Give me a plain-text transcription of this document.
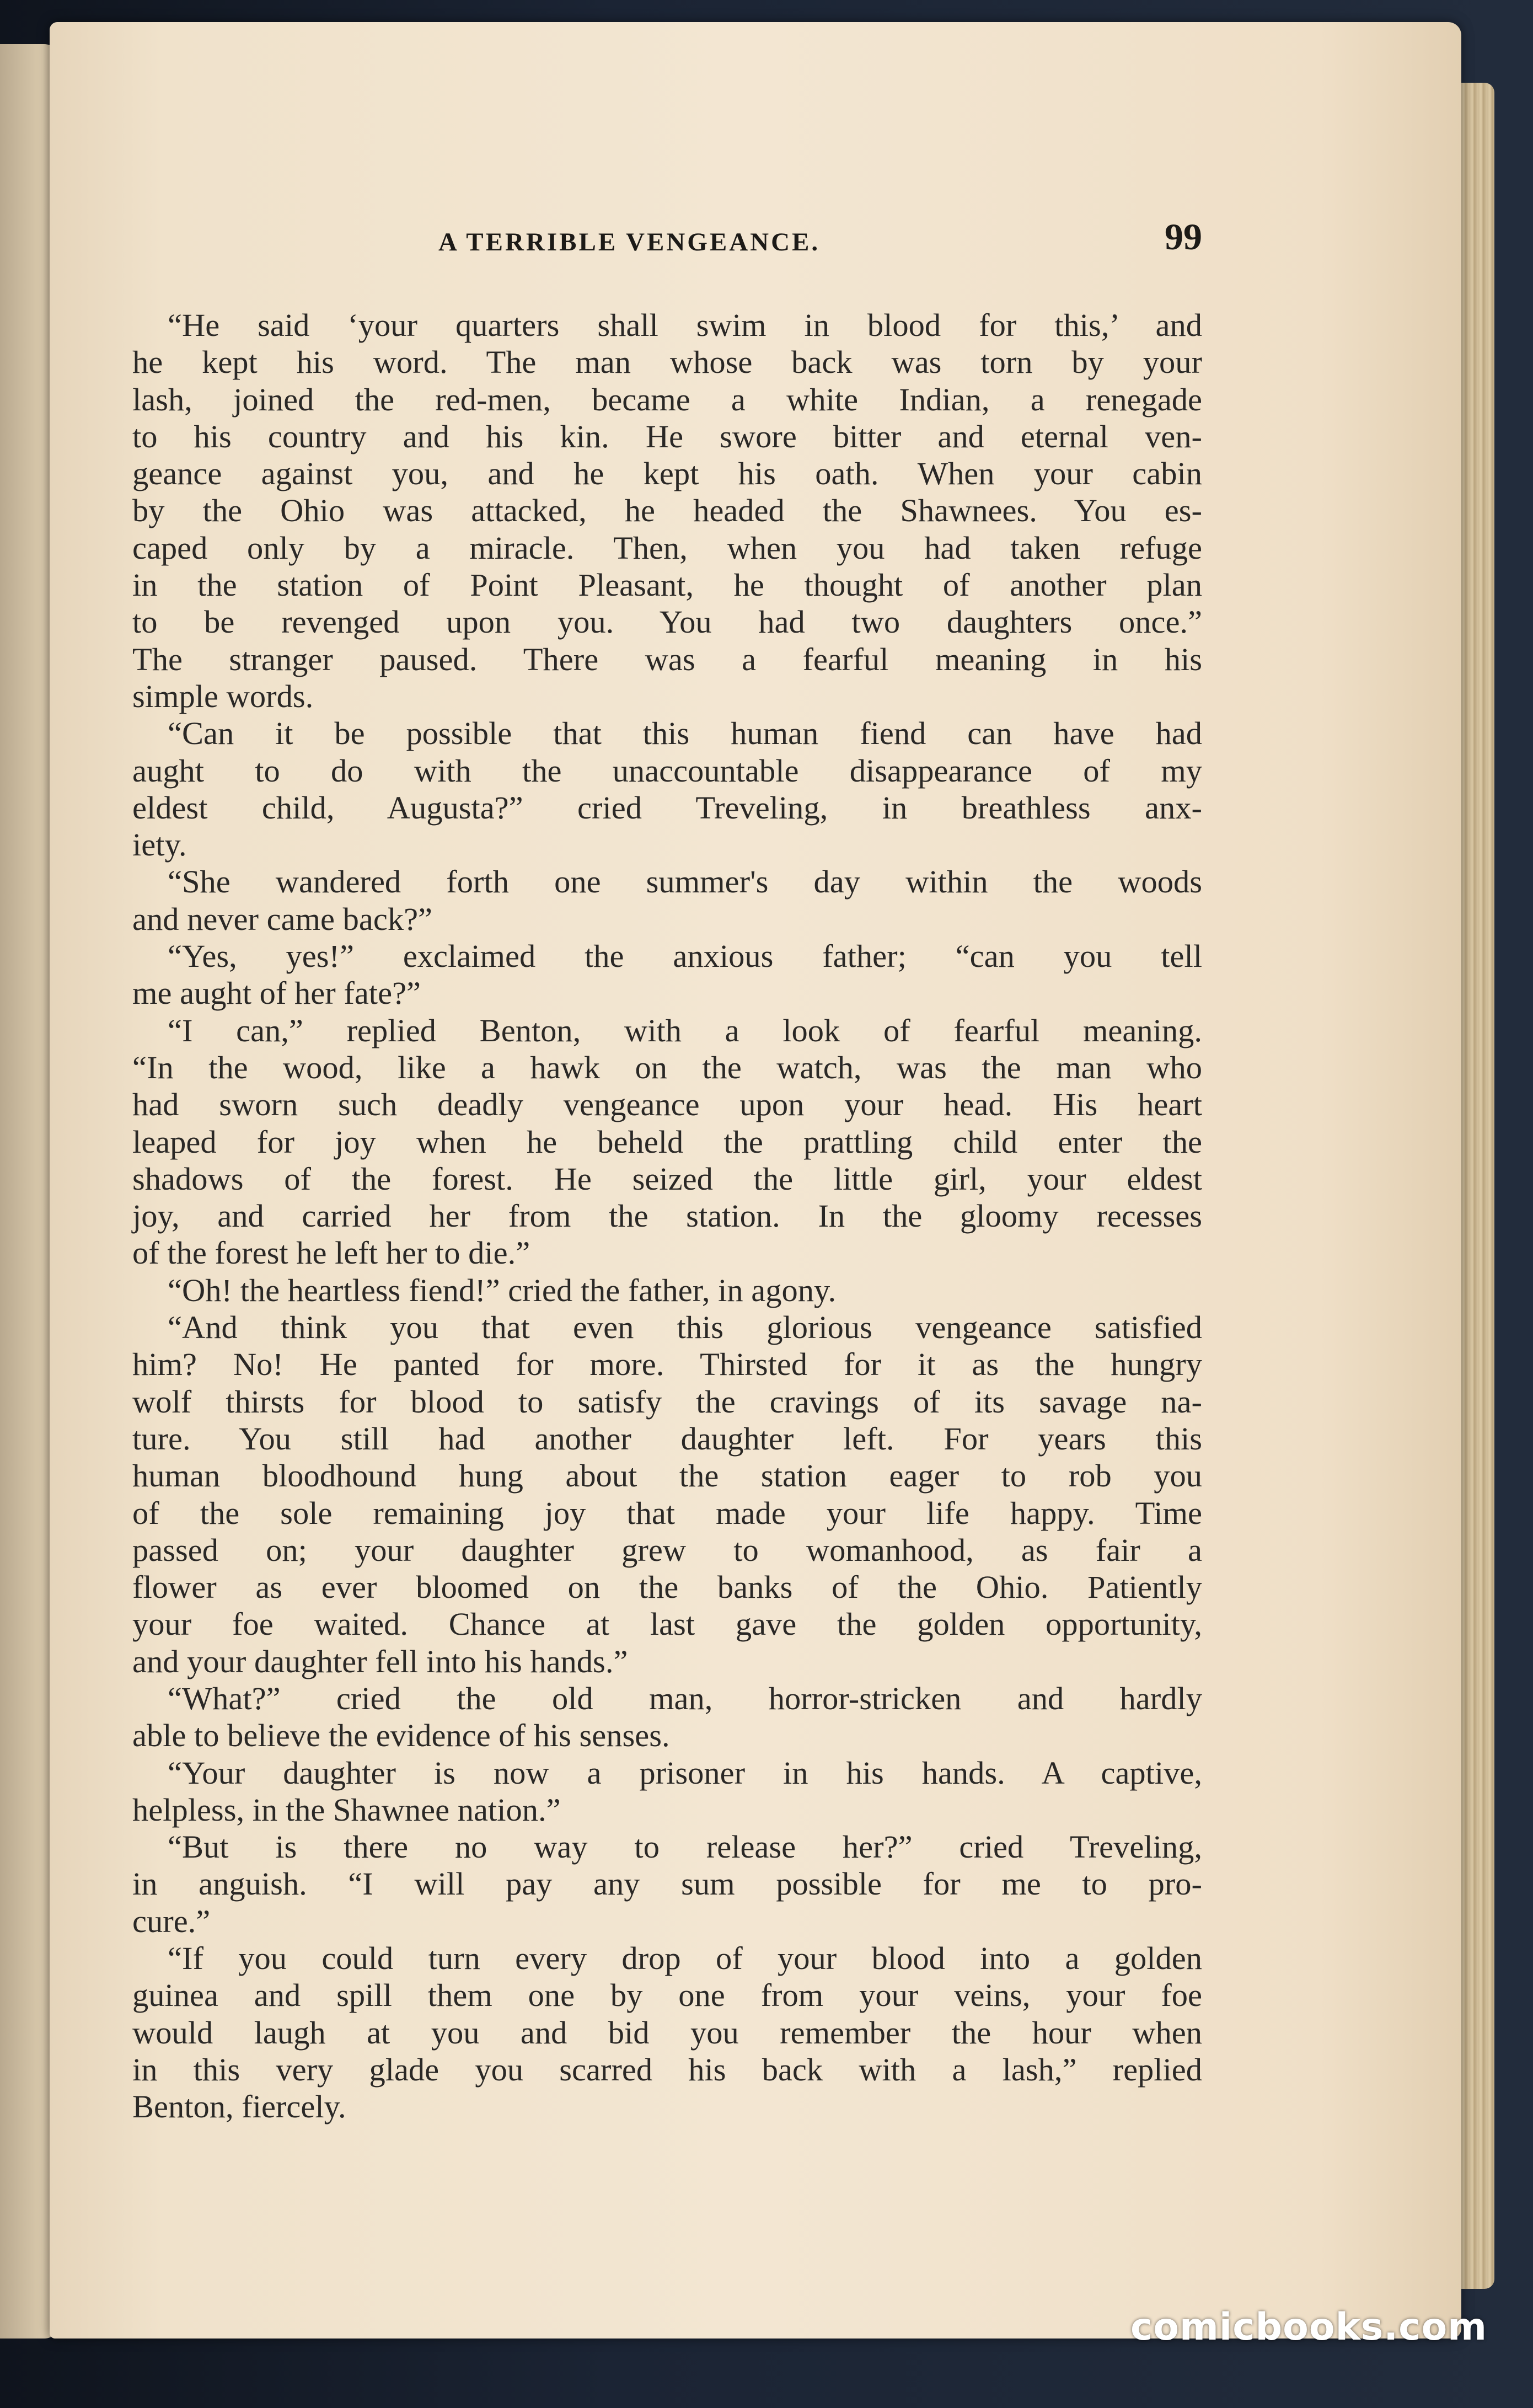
A TERRIBLE VENGEANCE.	99
“He said ‘your quarters shall swim in blood for this,’ and
he kept his word. The man whose back was torn by your
lash, joined the red-men, became a white Indian, a renegade
to his country and his kin. He swore bitter and eternal ven-
geance against you, and he kept his oath. When your cabin
by the Ohio was attacked, he headed the Shawnees. You es-
caped only by a miracle. Then, when you had taken refuge
in the station of Point Pleasant, he thought of another plan
to be revenged upon you. You had two daughters once.”
The stranger paused. There was a fearful meaning in his
simple words.
“Can it be possible that this human fiend can have had
aught to do with the unaccountable disappearance of my
eldest child, Augusta?” cried Treveling, in breathless anx-
iety.
“She wandered forth one summer's day within the woods
and never came back?”
“Yes, yes!” exclaimed the anxious father; “can you tell
me aught of her fate?”
“I can,” replied Benton, with a look of fearful meaning.
“In the wood, like a hawk on the watch, was the man who
had sworn such deadly vengeance upon your head. His heart
leaped for joy when he beheld the prattling child enter the
shadows of the forest. He seized the little girl, your eldest
joy, and carried her from the station. In the gloomy recesses
of the forest he left her to die.”
“Oh! the heartless fiend!” cried the father, in agony.
“And think you that even this glorious vengeance satisfied
him? No! He panted for more. Thirsted for it as the hungry
wolf thirsts for blood to satisfy the cravings of its savage na-
ture. You still had another daughter left. For years this
human bloodhound hung about the station eager to rob you
of the sole remaining joy that made your life happy. Time
passed on; your daughter grew to womanhood, as fair a
flower as ever bloomed on the banks of the Ohio. Patiently
your foe waited. Chance at last gave the golden opportunity,
and your daughter fell into his hands.”
“What?” cried the old man, horror-stricken and hardly
able to believe the evidence of his senses.
“Your daughter is now a prisoner in his hands. A captive,
helpless, in the Shawnee nation.”
“But is there no way to release her?” cried Treveling,
in anguish. “I will pay any sum possible for me to pro-
cure.”
“If you could turn every drop of your blood into a golden
guinea and spill them one by one from your veins, your foe
would laugh at you and bid you remember the hour when
in this very glade you scarred his back with a lash,” replied
Benton, fiercely.
comicbooks.com
